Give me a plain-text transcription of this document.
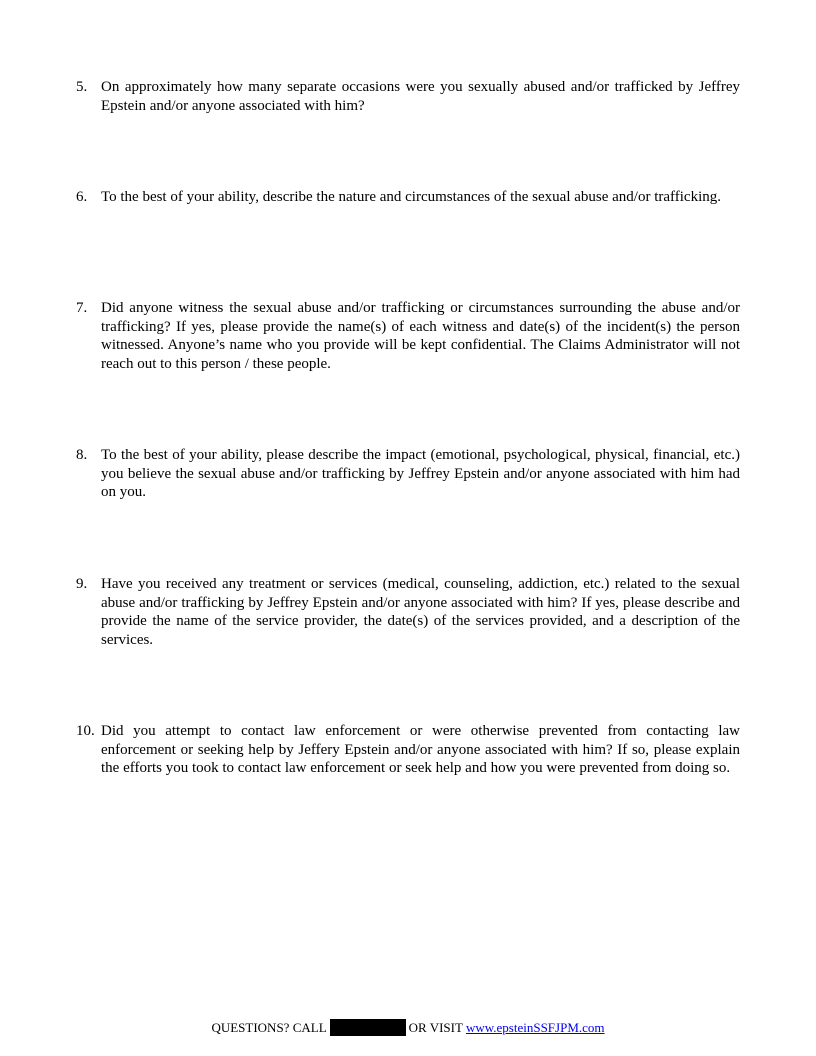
5. On approximately how many separate occasions were you sexually abused and/or trafficked by Jeffrey Epstein and/or anyone associated with him?
6. To the best of your ability, describe the nature and circumstances of the sexual abuse and/or trafficking.
7. Did anyone witness the sexual abuse and/or trafficking or circumstances surrounding the abuse and/or trafficking? If yes, please provide the name(s) of each witness and date(s) of the incident(s) the person witnessed. Anyone’s name who you provide will be kept confidential. The Claims Administrator will not reach out to this person / these people.
8. To the best of your ability, please describe the impact (emotional, psychological, physical, financial, etc.) you believe the sexual abuse and/or trafficking by Jeffrey Epstein and/or anyone associated with him had on you.
9. Have you received any treatment or services (medical, counseling, addiction, etc.) related to the sexual abuse and/or trafficking by Jeffrey Epstein and/or anyone associated with him? If yes, please describe and provide the name of the service provider, the date(s) of the services provided, and a description of the services.
10. Did you attempt to contact law enforcement or were otherwise prevented from contacting law enforcement or seeking help by Jeffery Epstein and/or anyone associated with him? If so, please explain the efforts you took to contact law enforcement or seek help and how you were prevented from doing so.
QUESTIONS? CALL	OR VISIT www.epsteinSSFJPM.com
